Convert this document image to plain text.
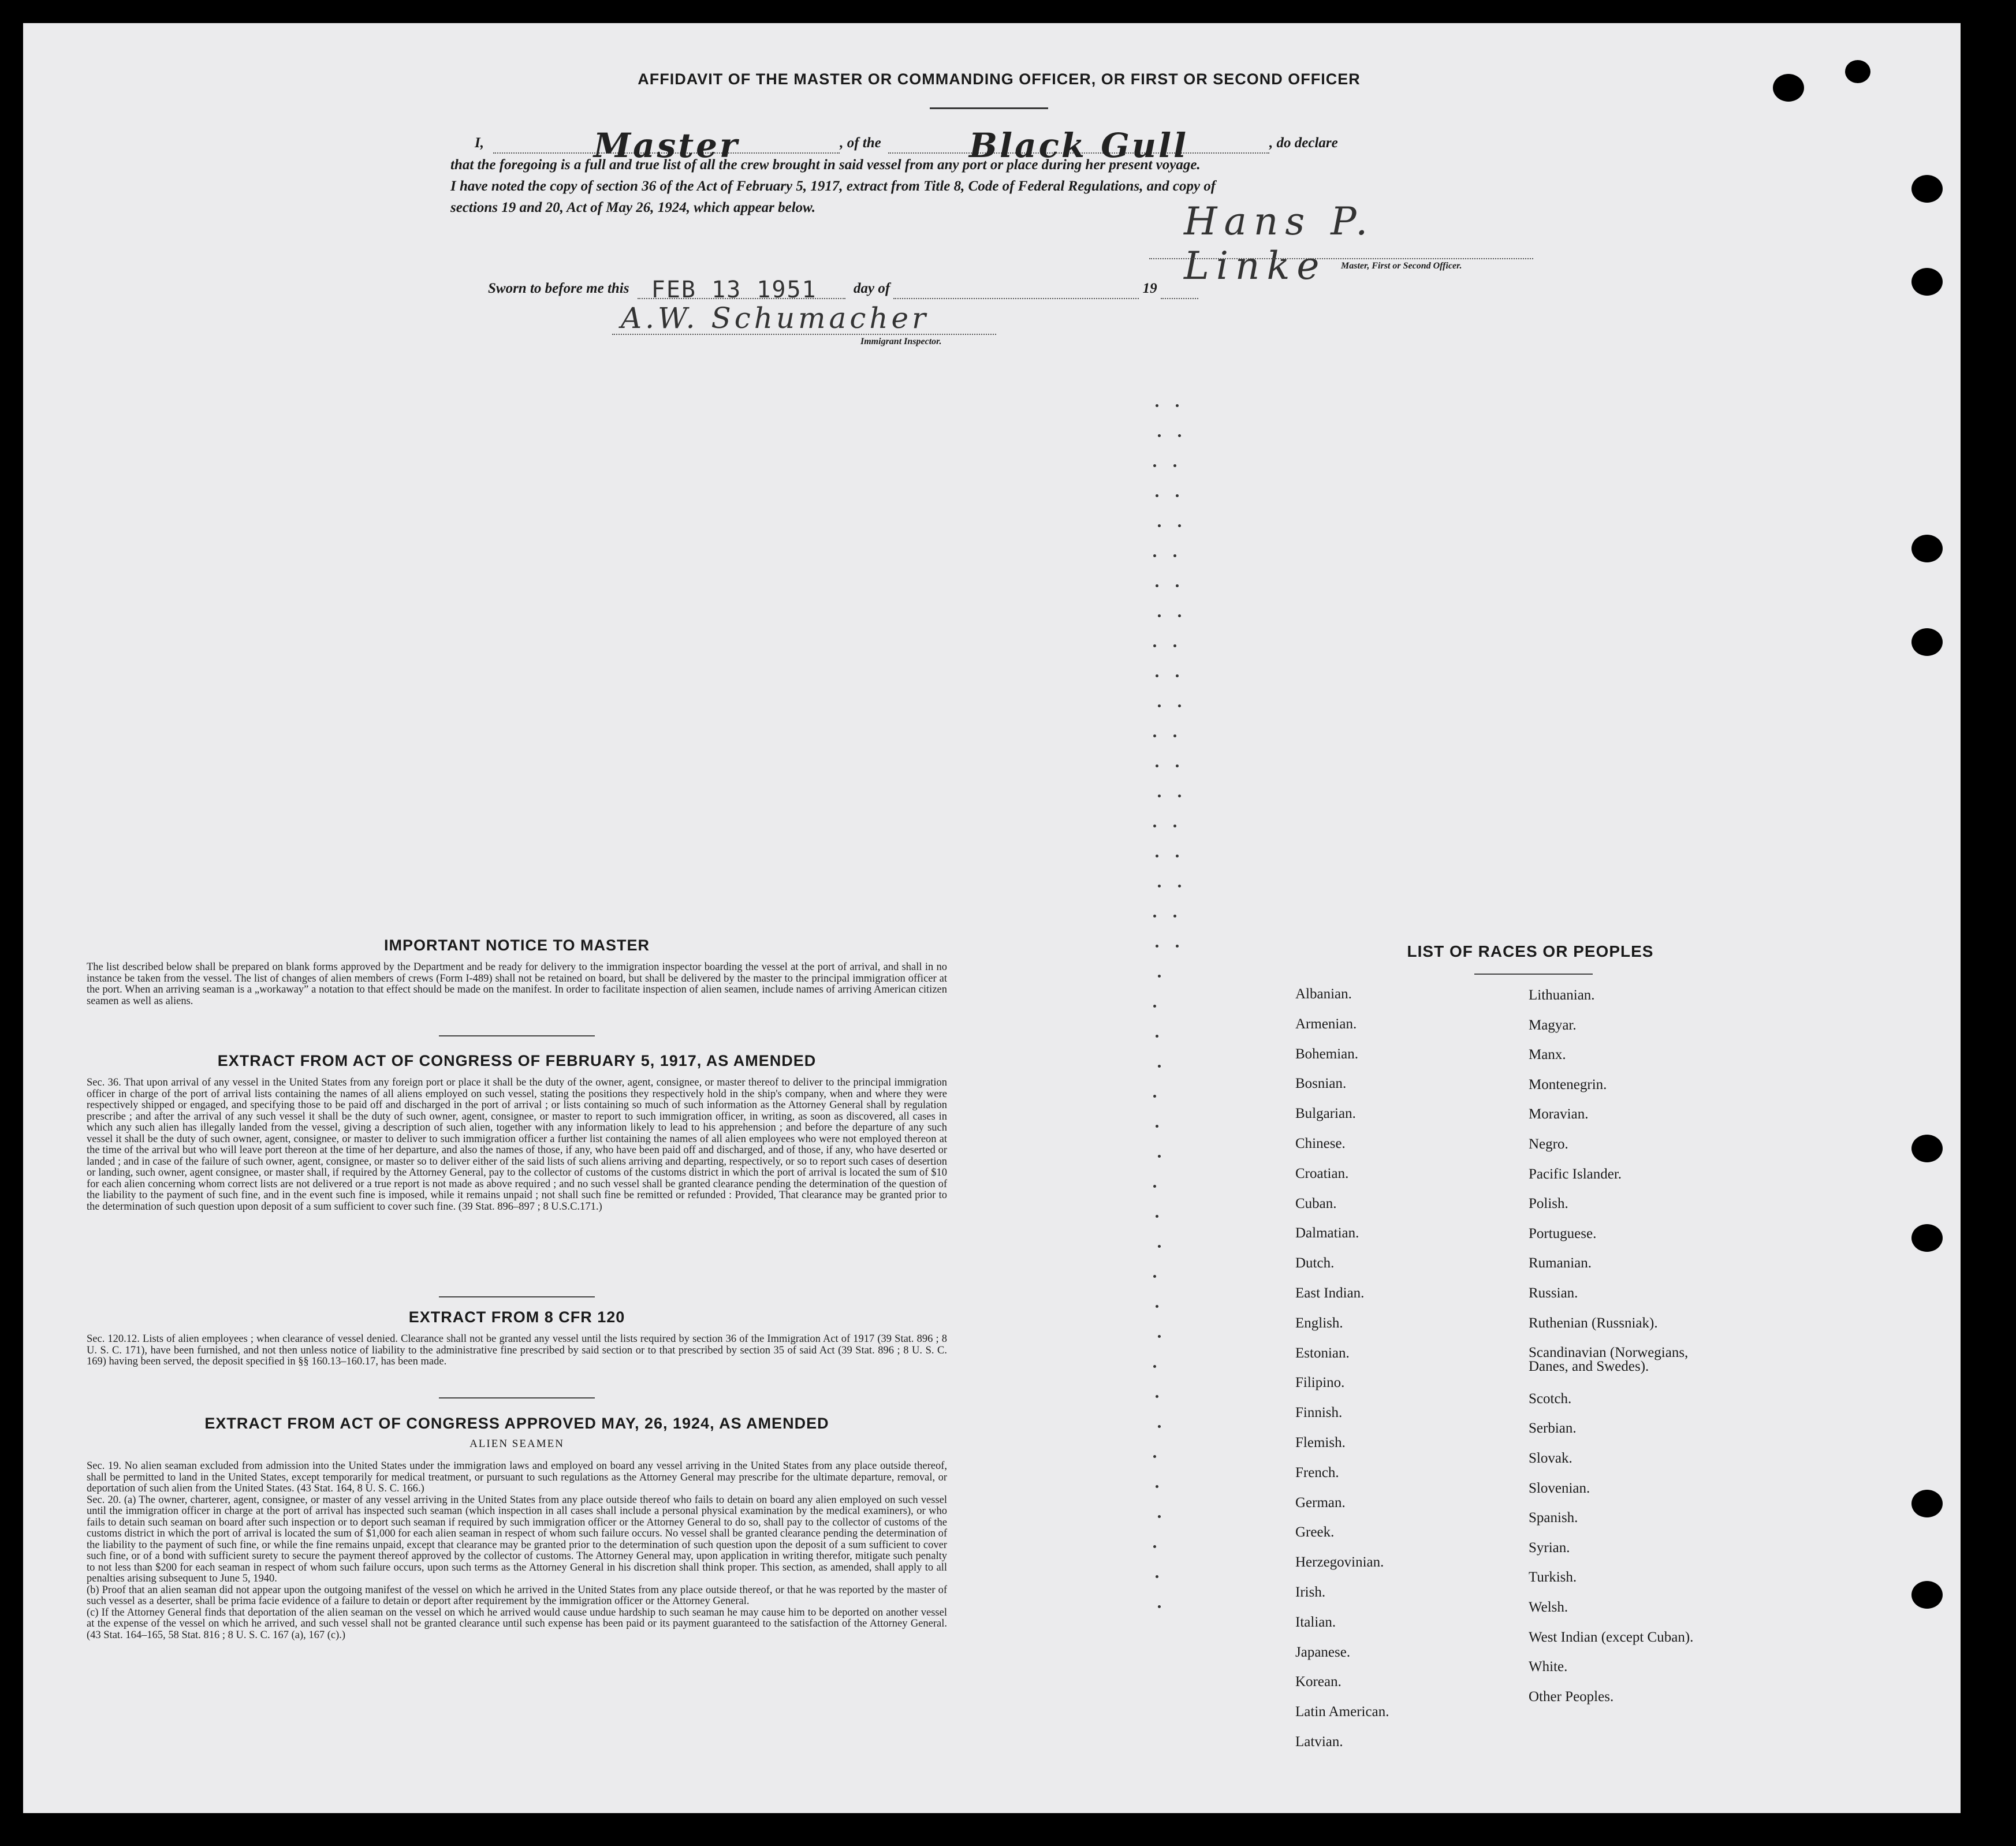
AFFIDAVIT OF THE MASTER OR COMMANDING OFFICER, OR FIRST OR SECOND OFFICER
I,	Master	, of the	Black Gull	, do declare
that the foregoing is a full and true list of all the crew brought in said vessel from any port or place during her present voyage.
I have noted the copy of section 36 of the Act of February 5, 1917, extract from Title 8, Code of Federal Regulations, and copy of
sections 19 and 20, Act of May 26, 1924, which appear below.	Hans P. Linke	Master, First or Second Officer.
Sworn to before me this FEB 13 1951	day of	19
A.W. Schumacher
Immigrant Inspector.
IMPORTANT NOTICE TO MASTER
The list described below shall be prepared on blank forms approved by the Department and be ready for delivery to the immigration inspector boarding the vessel at the port of arrival, and shall in no instance be taken from the vessel. The list of changes of alien members of crews (Form I-489) shall not be retained on board, but shall be delivered by the master to the principal immigration officer at the port. When an arriving seaman is a „workaway” a notation to that effect should be made on the manifest. In order to facilitate inspection of alien seamen, include names of arriving American citizen seamen as well as aliens.
EXTRACT FROM ACT OF CONGRESS OF FEBRUARY 5, 1917, AS AMENDED
Sec. 36. That upon arrival of any vessel in the United States from any foreign port or place it shall be the duty of the owner, agent, consignee, or master thereof to deliver to the principal immigration officer in charge of the port of arrival lists containing the names of all aliens employed on such vessel, stating the positions they respectively hold in the ship's company, when and where they were respectively shipped or engaged, and specifying those to be paid off and discharged in the port of arrival ; or lists containing so much of such information as the Attorney General shall by regulation prescribe ; and after the arrival of any such vessel it shall be the duty of such owner, agent, consignee, or master to report to such immigration officer, in writing, as soon as discovered, all cases in which any such alien has illegally landed from the vessel, giving a description of such alien, together with any information likely to lead to his apprehension ; and before the departure of any such vessel it shall be the duty of such owner, agent, consignee, or master to deliver to such immigration officer a further list containing the names of all alien employees who were not employed thereon at the time of the arrival but who will leave port thereon at the time of her departure, and also the names of those, if any, who have been paid off and discharged, and of those, if any, who have deserted or landed ; and in case of the failure of such owner, agent, consignee, or master so to deliver either of the said lists of such aliens arriving and departing, respectively, or so to report such cases of desertion or landing, such owner, agent consignee, or master shall, if required by the Attorney General, pay to the collector of customs of the customs district in which the port of arrival is located the sum of $10 for each alien concerning whom correct lists are not delivered or a true report is not made as above required ; and no such vessel shall be granted clearance pending the determination of the question of the liability to the payment of such fine, and in the event such fine is imposed, while it remains unpaid ; not shall such fine be remitted or refunded : Provided, That clearance may be granted prior to the determination of such question upon deposit of a sum sufficient to cover such fine. (39 Stat. 896–897 ; 8 U.S.C.171.)
EXTRACT FROM 8 CFR 120
Sec. 120.12. Lists of alien employees ; when clearance of vessel denied. Clearance shall not be granted any vessel until the lists required by section 36 of the Immigration Act of 1917 (39 Stat. 896 ; 8 U. S. C. 171), have been furnished, and not then unless notice of liability to the administrative fine prescribed by said section or to that prescribed by section 35 of said Act (39 Stat. 896 ; 8 U. S. C. 169) having been served, the deposit specified in §§ 160.13–160.17, has been made.
EXTRACT FROM ACT OF CONGRESS APPROVED MAY, 26, 1924, AS AMENDED
ALIEN SEAMEN
Sec. 19. No alien seaman excluded from admission into the United States under the immigration laws and employed on board any vessel arriving in the United States from any place outside thereof, shall be permitted to land in the United States, except temporarily for medical treatment, or pursuant to such regulations as the Attorney General may prescribe for the ultimate departure, removal, or deportation of such alien from the United States. (43 Stat. 164, 8 U. S. C. 166.)
Sec. 20. (a) The owner, charterer, agent, consignee, or master of any vessel arriving in the United States from any place outside thereof who fails to detain on board any alien employed on such vessel until the immigration officer in charge at the port of arrival has inspected such seaman (which inspection in all cases shall include a personal physical examination by the medical examiners), or who fails to detain such seaman on board after such inspection or to deport such seaman if required by such immigration officer or the Attorney General to do so, shall pay to the collector of customs of the customs district in which the port of arrival is located the sum of $1,000 for each alien seaman in respect of whom such failure occurs. No vessel shall be granted clearance pending the determination of the liability to the payment of such fine, or while the fine remains unpaid, except that clearance may be granted prior to the determination of such question upon the deposit of a sum sufficient to cover such fine, or of a bond with sufficient surety to secure the payment thereof approved by the collector of customs. The Attorney General may, upon application in writing therefor, mitigate such penalty to not less than $200 for each seaman in respect of whom such failure occurs, upon such terms as the Attorney General in his discretion shall think proper. This section, as amended, shall apply to all penalties arising subsequent to June 5, 1940.
(b) Proof that an alien seaman did not appear upon the outgoing manifest of the vessel on which he arrived in the United States from any place outside thereof, or that he was reported by the master of such vessel as a deserter, shall be prima facie evidence of a failure to detain or deport after requirement by the immigration officer or the Attorney General.
(c) If the Attorney General finds that deportation of the alien seaman on the vessel on which he arrived would cause undue hardship to such seaman he may cause him to be deported on another vessel at the expense of the vessel on which he arrived, and such vessel shall not be granted clearance until such expense has been paid or its payment guaranteed to the satisfaction of the Attorney General. (43 Stat. 164–165, 58 Stat. 816 ; 8 U. S. C. 167 (a), 167 (c).)
LIST OF RACES OR PEOPLES
Albanian.
Armenian.
Bohemian.
Bosnian.
Bulgarian.
Chinese.
Croatian.
Cuban.
Dalmatian.
Dutch.
East Indian.
English.
Estonian.
Filipino.
Finnish.
Flemish.
French.
German.
Greek.
Herzegovinian.
Irish.
Italian.
Japanese.
Korean.
Latin American.
Latvian.
Lithuanian.
Magyar.
Manx.
Montenegrin.
Moravian.
Negro.
Pacific Islander.
Polish.
Portuguese.
Rumanian.
Russian.
Ruthenian (Russniak).
Scandinavian (Norwegians,
Danes, and Swedes).
Scotch.
Serbian.
Slovak.
Slovenian.
Spanish.
Syrian.
Turkish.
Welsh.
West Indian (except Cuban).
White.
Other Peoples.
